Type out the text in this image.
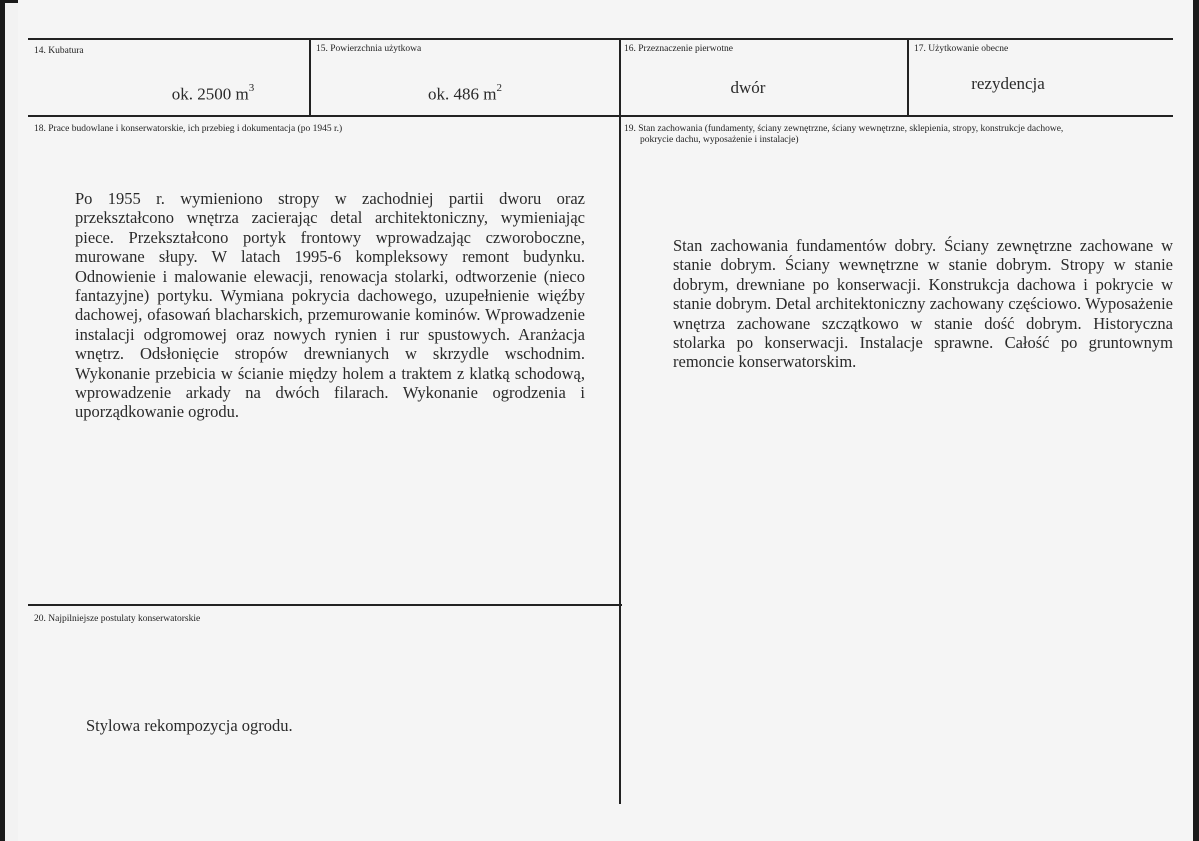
14. Kubatura
ok. 2500 $m^3$
15. Powierzchnia użytkowa
ok. 486 $m^2$
16. Przeznaczenie pierwotne
dwór
17. Użytkowanie obecne
rezydencja
18. Prace budowlane i konserwatorskie, ich przebieg i dokumentacja (po 1945 r.)

Po 1955 r. wymieniono stropy w zachodniej partii dworu oraz przekształcono wnętrza zacierając detal architektoniczny, wymieniając piece. Przekształcono portyk frontowy wprowadzając czworoboczne, murowane słupy. W latach 1995-6 kompleksowy remont budynku. Odnowienie i malowanie elewacji, renowacja stolarki, odtworzenie (nieco fantazyjne) portyku. Wymiana pokrycia dachowego, uzupełnienie więźby dachowej, ofasowań blacharskich, przemurowanie kominów. Wprowadzenie instalacji odgromowej oraz nowych rynien i rur spustowych. Aranżacja wnętrz. Odsłonięcie stropów drewnianych w skrzydle wschodnim. Wykonanie przebicia w ścianie między holem a traktem z klatką schodową, wprowadzenie arkady na dwóch filarach. Wykonanie ogrodzenia i uporządkowanie ogrodu.

19. Stan zachowania (fundamenty, ściany zewnętrzne, ściany wewnętrzne, sklepienia, stropy, konstrukcje dachowe,
pokrycie dachu, wyposażenie i instalacje)

Stan zachowania fundamentów dobry. Ściany zewnętrzne zachowane w stanie dobrym. Ściany wewnętrzne w stanie dobrym. Stropy w stanie dobrym, drewniane po konserwacji. Konstrukcja dachowa i pokrycie w stanie dobrym. Detal architektoniczny zachowany częściowo. Wyposażenie wnętrza zachowane szczątkowo w stanie dość dobrym. Historyczna stolarka po konserwacji. Instalacje sprawne. Całość po gruntownym remoncie konserwatorskim.

20. Najpilniejsze postulaty konserwatorskie
Stylowa rekompozycja ogrodu.
